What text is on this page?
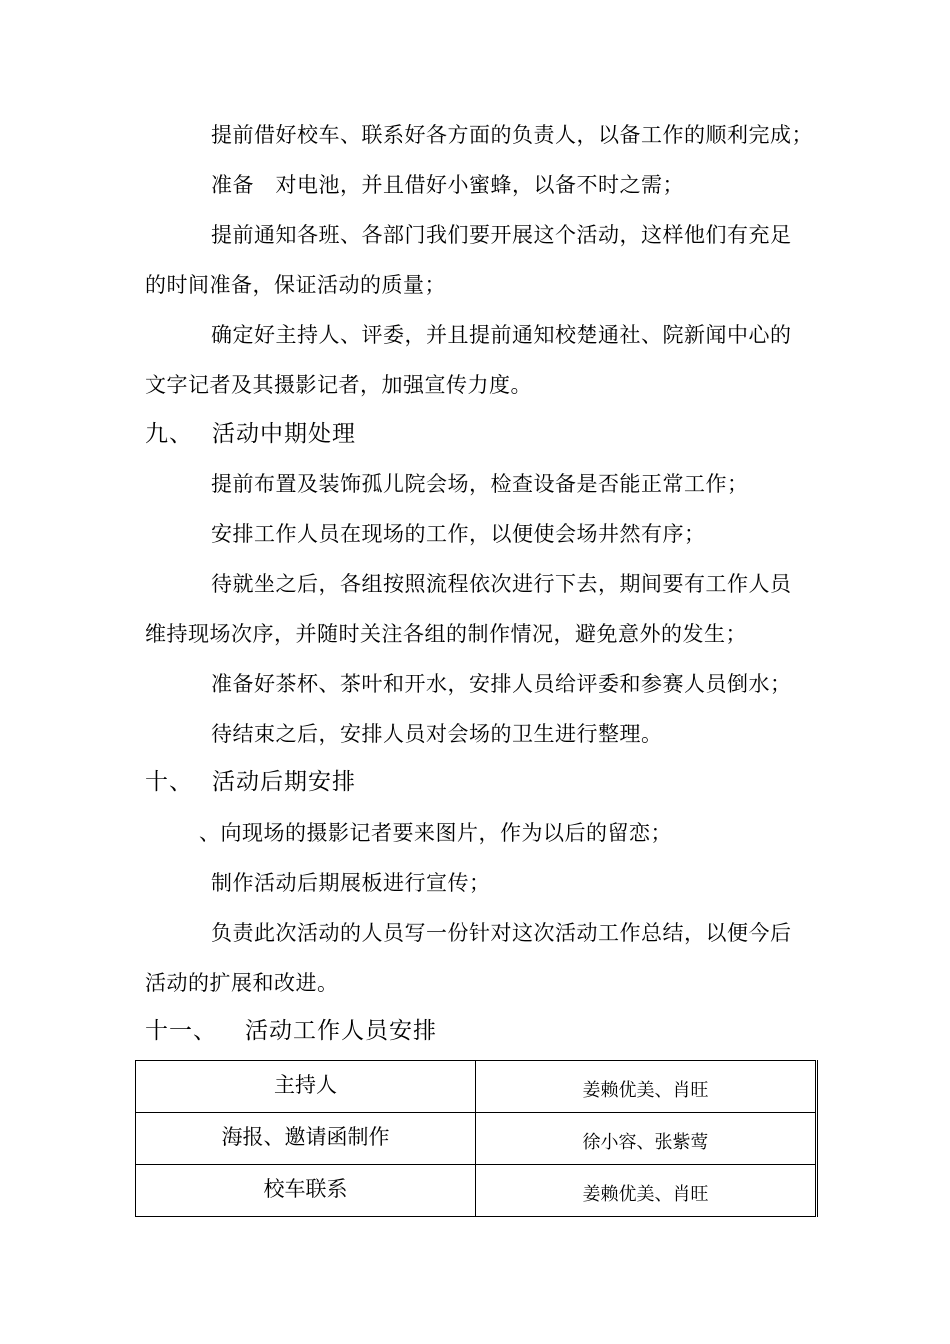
提前借好校车、联系好各方面的负责人，以备工作的顺利完成；
准备　对电池，并且借好小蜜蜂，以备不时之需；
提前通知各班、各部门我们要开展这个活动，这样他们有充足
的时间准备，保证活动的质量；
确定好主持人、评委，并且提前通知校楚通社、院新闻中心的
文字记者及其摄影记者，加强宣传力度。
九、 活动中期处理
提前布置及装饰孤儿院会场，检查设备是否能正常工作；
安排工作人员在现场的工作，以便使会场井然有序；
待就坐之后，各组按照流程依次进行下去，期间要有工作人员
维持现场次序，并随时关注各组的制作情况，避免意外的发生；
准备好茶杯、茶叶和开水，安排人员给评委和参赛人员倒水；
待结束之后，安排人员对会场的卫生进行整理。
十、 活动后期安排
、向现场的摄影记者要来图片，作为以后的留恋；
制作活动后期展板进行宣传；
负责此次活动的人员写一份针对这次活动工作总结，以便今后
活动的扩展和改进。
十一、 活动工作人员安排
主持人	姜赖优美、肖旺
海报、邀请函制作	徐小容、张紫莺
校车联系	姜赖优美、肖旺
